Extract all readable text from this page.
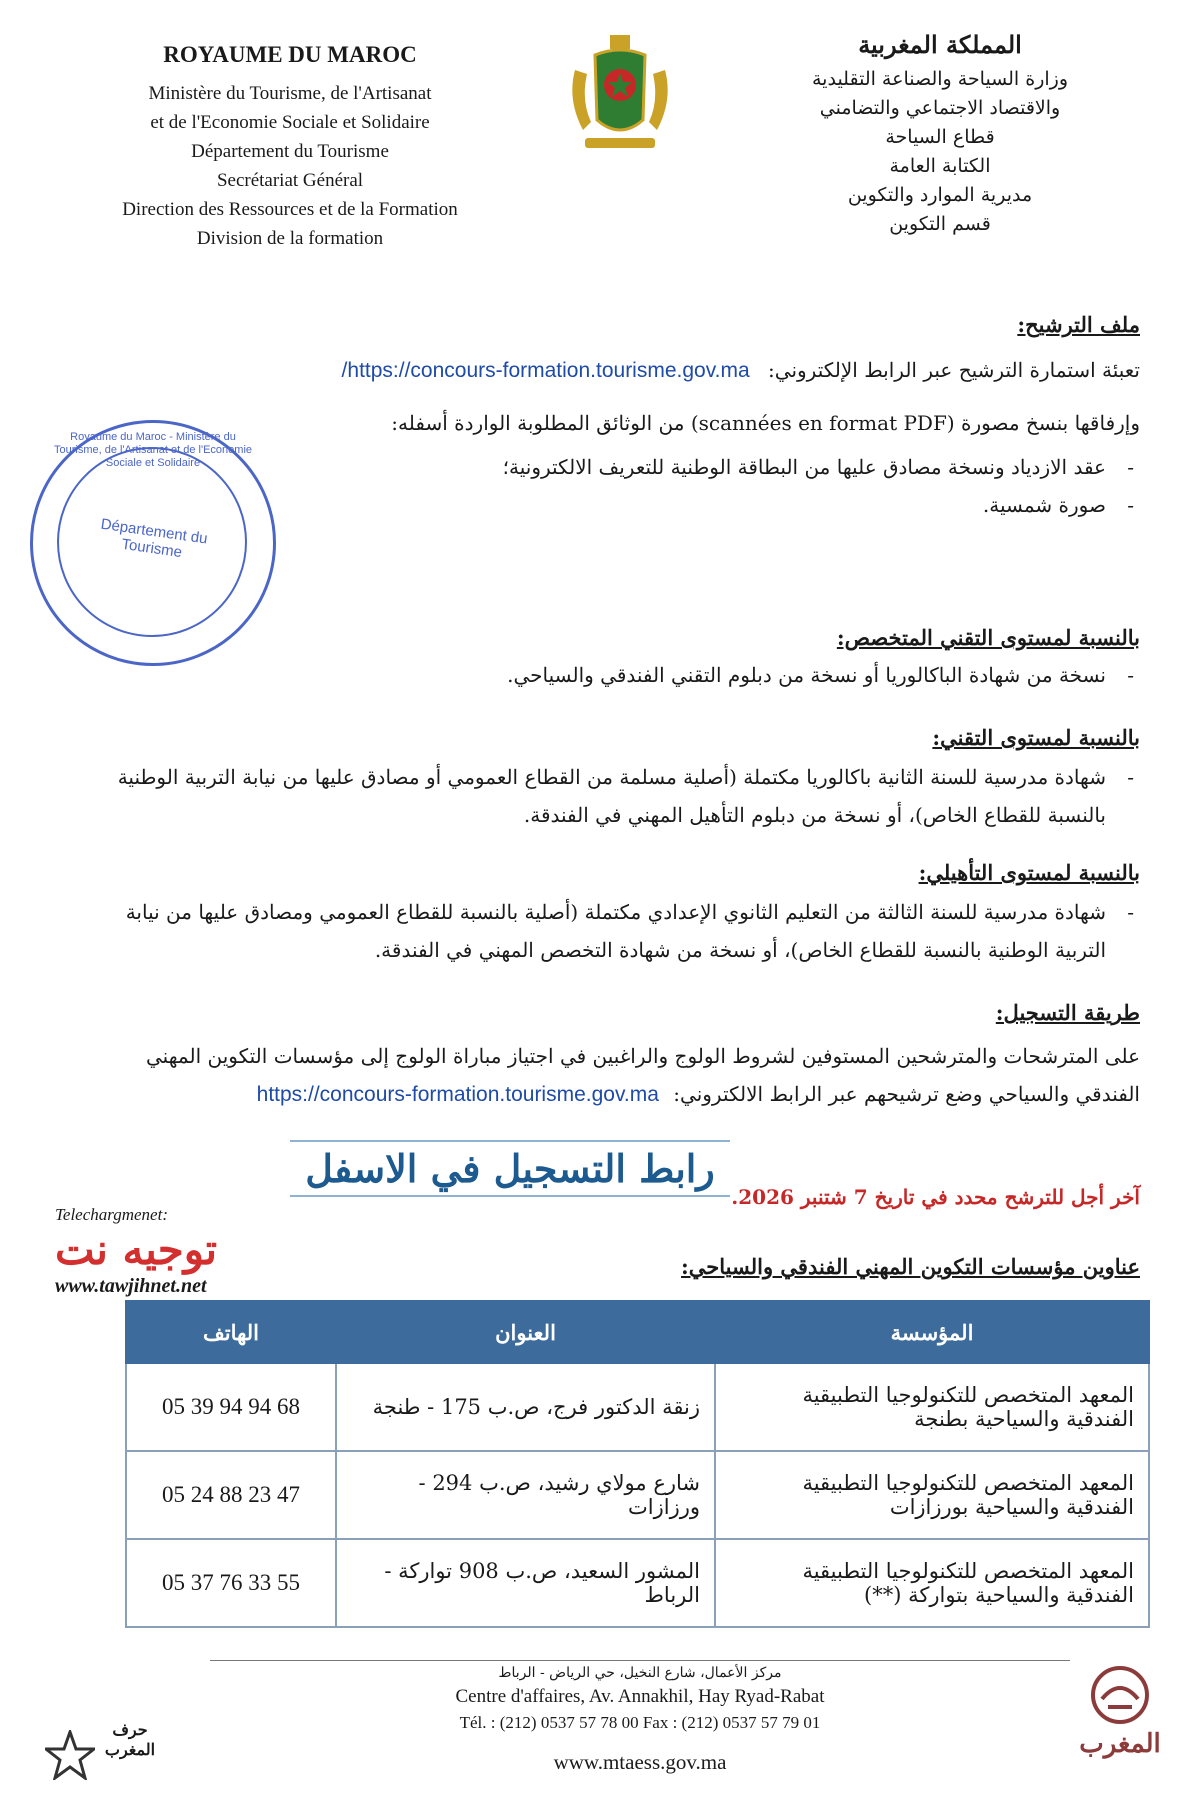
ROYAUME DU MAROC
Ministère du Tourisme, de l'Artisanat
et de l'Economie Sociale et Solidaire
Département du Tourisme
Secrétariat Général
Direction des Ressources et de la Formation
Division de la formation
المملكة المغربية
وزارة السياحة والصناعة التقليدية
والاقتصاد الاجتماعي والتضامني
قطاع السياحة
الكتابة العامة
مديرية الموارد والتكوين
قسم التكوين
Royaume du Maroc - Ministère du Tourisme, de l'Artisanat et de l'Economie Sociale et Solidaire
Département du Tourisme
ملف الترشيح:
تعبئة استمارة الترشيح عبر الرابط الإلكتروني: https://concours-formation.tourisme.gov.ma/
وإرفاقها بنسخ مصورة (scannées en format PDF) من الوثائق المطلوبة الواردة أسفله:
- عقد الازدياد ونسخة مصادق عليها من البطاقة الوطنية للتعريف الالكترونية؛
- صورة شمسية.
بالنسبة لمستوى التقني المتخصص:
- نسخة من شهادة الباكالوريا أو نسخة من دبلوم التقني الفندقي والسياحي.
بالنسبة لمستوى التقني:
- شهادة مدرسية للسنة الثانية باكالوريا مكتملة (أصلية مسلمة من القطاع العمومي أو مصادق عليها من نيابة التربية الوطنية بالنسبة للقطاع الخاص)، أو نسخة من دبلوم التأهيل المهني في الفندقة.
بالنسبة لمستوى التأهيلي:
- شهادة مدرسية للسنة الثالثة من التعليم الثانوي الإعدادي مكتملة (أصلية بالنسبة للقطاع العمومي ومصادق عليها من نيابة التربية الوطنية بالنسبة للقطاع الخاص)، أو نسخة من شهادة التخصص المهني في الفندقة.
طريقة التسجيل:
على المترشحات والمترشحين المستوفين لشروط الولوج والراغبين في اجتياز مباراة الولوج إلى مؤسسات التكوين المهني الفندقي والسياحي وضع ترشيحهم عبر الرابط الالكتروني: https://concours-formation.tourisme.gov.ma
رابط التسجيل في الاسفل
آخر أجل للترشح محدد في تاريخ 7 شتنبر 2026.
Telechargmenet:
توجيه نت
www.tawjihnet.net
عناوين مؤسسات التكوين المهني الفندقي والسياحي:
المؤسسة	العنوان	الهاتف
المعهد المتخصص للتكنولوجيا التطبيقية الفندقية والسياحية بطنجة	زنقة الدكتور فرج، ص.ب 175 - طنجة	05 39 94 94 68
المعهد المتخصص للتكنولوجيا التطبيقية الفندقية والسياحية بورزازات	شارع مولاي رشيد، ص.ب 294 - ورزازات	05 24 88 23 47
المعهد المتخصص للتكنولوجيا التطبيقية الفندقية والسياحية بتواركة (**)	المشور السعيد، ص.ب 908 تواركة - الرباط	05 37 76 33 55
حرف المغرب
مركز الأعمال، شارع النخيل، حي الرياض - الرباط
Centre d'affaires, Av. Annakhil, Hay Ryad-Rabat
Tél. : (212) 0537 57 78 00 Fax : (212) 0537 57 79 01
www.mtaess.gov.ma
المغرب
